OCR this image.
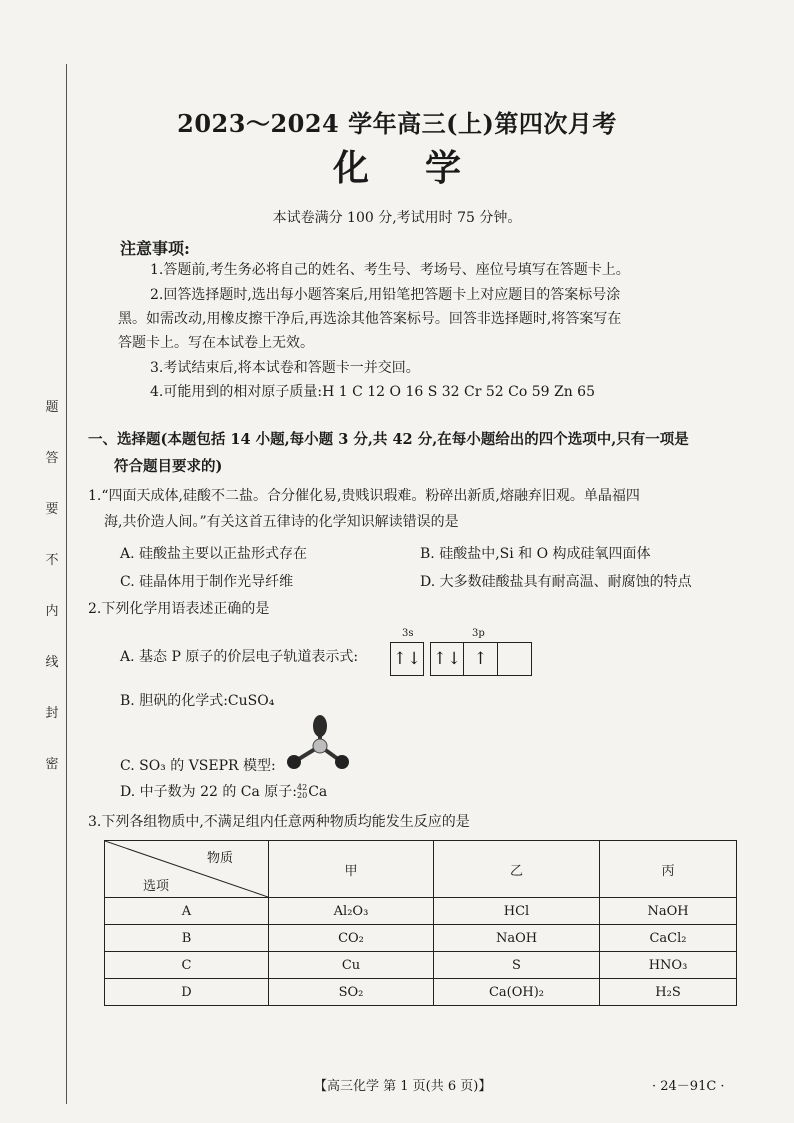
题
答
要
不
内
线
封
密
2023～2024 学年高三(上)第四次月考
化学
本试卷满分 100 分,考试用时 75 分钟。
注意事项:
1.答题前,考生务必将自己的姓名、考生号、考场号、座位号填写在答题卡上。
2.回答选择题时,选出每小题答案后,用铅笔把答题卡上对应题目的答案标号涂
黑。如需改动,用橡皮擦干净后,再选涂其他答案标号。回答非选择题时,将答案写在
答题卡上。写在本试卷上无效。
3.考试结束后,将本试卷和答题卡一并交回。
4.可能用到的相对原子质量:H 1 C 12 O 16 S 32 Cr 52 Co 59 Zn 65
一、选择题(本题包括 14 小题,每小题 3 分,共 42 分,在每小题给出的四个选项中,只有一项是
符合题目要求的)
1.“四面天成体,硅酸不二盐。合分催化易,贵贱识瑕难。粉碎出新质,熔融弃旧观。单晶福四
海,共价造人间。”有关这首五律诗的化学知识解读错误的是
A. 硅酸盐主要以正盐形式存在	B. 硅酸盐中,Si 和 O 构成硅氧四面体
C. 硅晶体用于制作光导纤维	D. 大多数硅酸盐具有耐高温、耐腐蚀的特点
2.下列化学用语表述正确的是
A. 基态 P 原子的价层电子轨道表示式:
3s	3p
↑↓ ↑↓ ↑
B. 胆矾的化学式:CuSO₄
C. SO₃ 的 VSEPR 模型:
D. 中子数为 22 的 Ca 原子: 42
20 Ca
3.下列各组物质中,不满足组内任意两种物质均能发生反应的是
物质
选项	甲	乙	丙
A	Al₂O₃	HCl	NaOH
B	CO₂	NaOH	CaCl₂
C	Cu	S	HNO₃
D	SO₂	Ca(OH)₂	H₂S
【高三化学 第 1 页(共 6 页)】	· 24－91C ·
